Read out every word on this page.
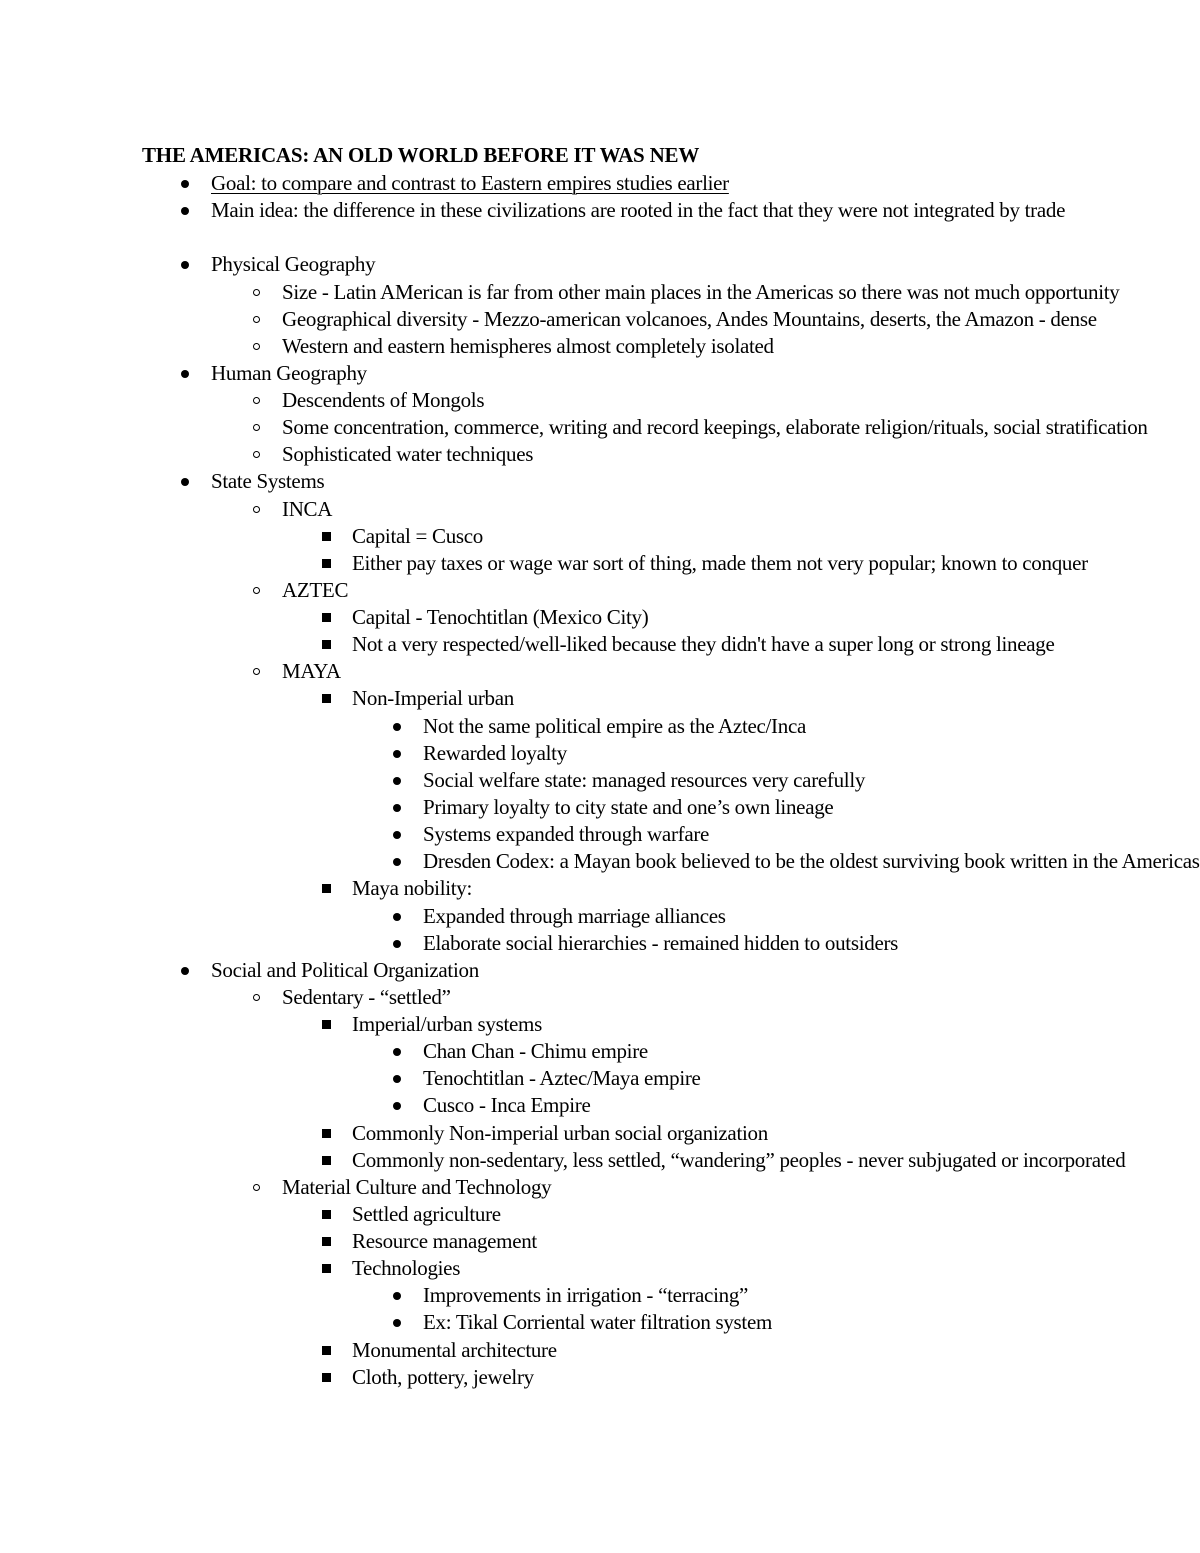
THE AMERICAS: AN OLD WORLD BEFORE IT WAS NEW
Goal: to compare and contrast to Eastern empires studies earlier
Main idea: the difference in these civilizations are rooted in the fact that they were not integrated by trade
Physical Geography
Size - Latin AMerican is far from other main places in the Americas so there was not much opportunity
Geographical diversity - Mezzo-american volcanoes, Andes Mountains, deserts, the Amazon - dense
Western and eastern hemispheres almost completely isolated
Human Geography
Descendents of Mongols
Some concentration, commerce, writing and record keepings, elaborate religion/rituals, social stratification
Sophisticated water techniques
State Systems
INCA
Capital = Cusco
Either pay taxes or wage war sort of thing, made them not very popular; known to conquer
AZTEC
Capital - Tenochtitlan (Mexico City)
Not a very respected/well-liked because they didn't have a super long or strong lineage
MAYA
Non-Imperial urban
Not the same political empire as the Aztec/Inca
Rewarded loyalty
Social welfare state: managed resources very carefully
Primary loyalty to city state and one’s own lineage
Systems expanded through warfare
Dresden Codex: a Mayan book believed to be the oldest surviving book written in the Americas
Maya nobility:
Expanded through marriage alliances
Elaborate social hierarchies - remained hidden to outsiders
Social and Political Organization
Sedentary - “settled”
Imperial/urban systems
Chan Chan - Chimu empire
Tenochtitlan - Aztec/Maya empire
Cusco - Inca Empire
Commonly Non-imperial urban social organization
Commonly non-sedentary, less settled, “wandering” peoples - never subjugated or incorporated
Material Culture and Technology
Settled agriculture
Resource management
Technologies
Improvements in irrigation - “terracing”
Ex: Tikal Corriental water filtration system
Monumental architecture
Cloth, pottery, jewelry
